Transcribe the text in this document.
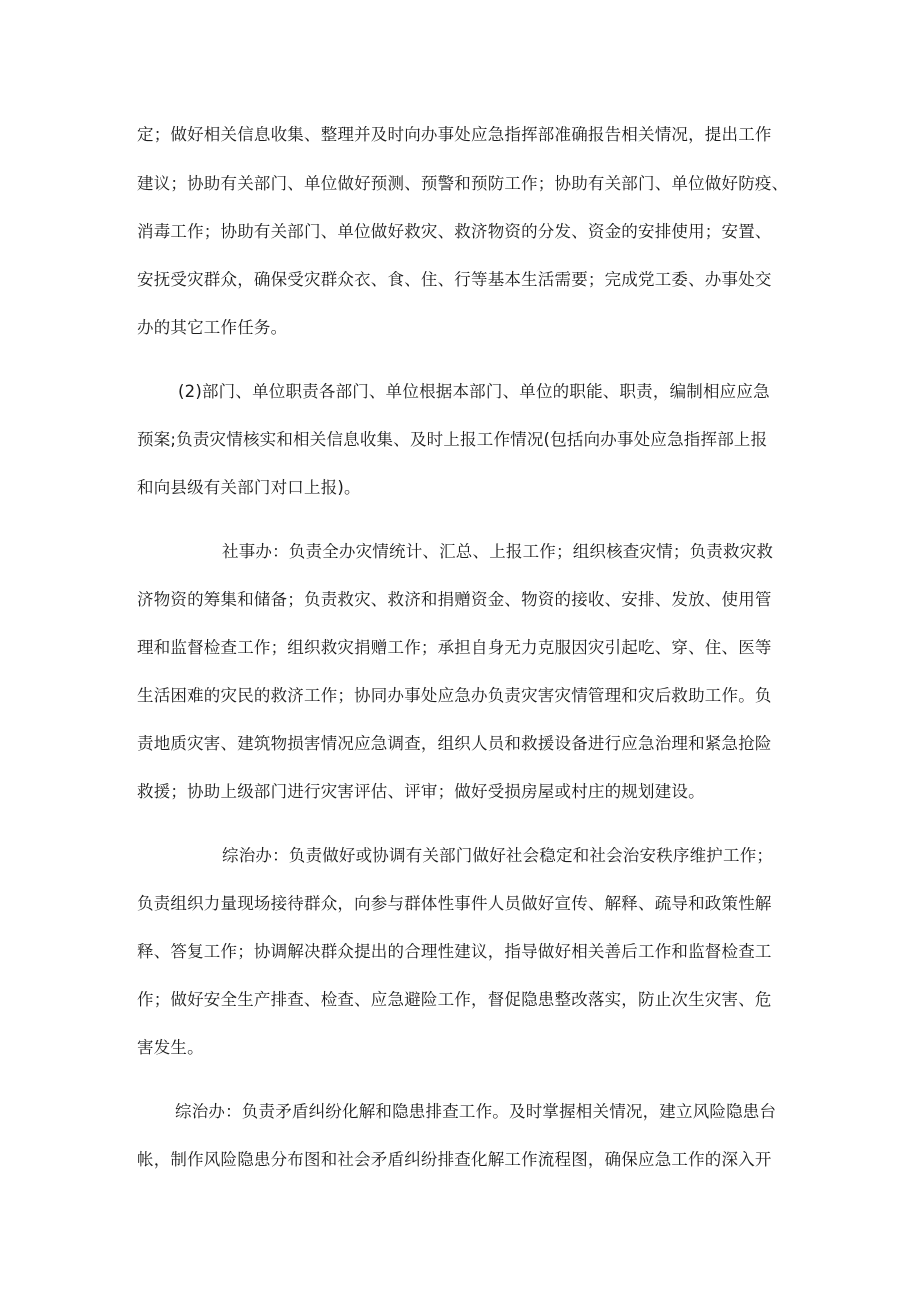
定；做好相关信息收集、整理并及时向办事处应急指挥部准确报告相关情况，提出工作
建议；协助有关部门、单位做好预测、预警和预防工作；协助有关部门、单位做好防疫、
消毒工作；协助有关部门、单位做好救灾、救济物资的分发、资金的安排使用；安置、
安抚受灾群众，确保受灾群众衣、食、住、行等基本生活需要；完成党工委、办事处交
办的其它工作任务。
(2)部门、单位职责各部门、单位根据本部门、单位的职能、职责，编制相应应急
预案;负责灾情核实和相关信息收集、及时上报工作情况(包括向办事处应急指挥部上报
和向县级有关部门对口上报)。
社事办：负责全办灾情统计、汇总、上报工作；组织核查灾情；负责救灾救
济物资的筹集和储备；负责救灾、救济和捐赠资金、物资的接收、安排、发放、使用管
理和监督检查工作；组织救灾捐赠工作；承担自身无力克服因灾引起吃、穿、住、医等
生活困难的灾民的救济工作；协同办事处应急办负责灾害灾情管理和灾后救助工作。负
责地质灾害、建筑物损害情况应急调查，组织人员和救援设备进行应急治理和紧急抢险
救援；协助上级部门进行灾害评估、评审；做好受损房屋或村庄的规划建设。
综治办：负责做好或协调有关部门做好社会稳定和社会治安秩序维护工作；
负责组织力量现场接待群众，向参与群体性事件人员做好宣传、解释、疏导和政策性解
释、答复工作；协调解决群众提出的合理性建议，指导做好相关善后工作和监督检查工
作；做好安全生产排查、检查、应急避险工作，督促隐患整改落实，防止次生灾害、危
害发生。
综治办：负责矛盾纠纷化解和隐患排查工作。及时掌握相关情况，建立风险隐患台
帐，制作风险隐患分布图和社会矛盾纠纷排查化解工作流程图，确保应急工作的深入开
